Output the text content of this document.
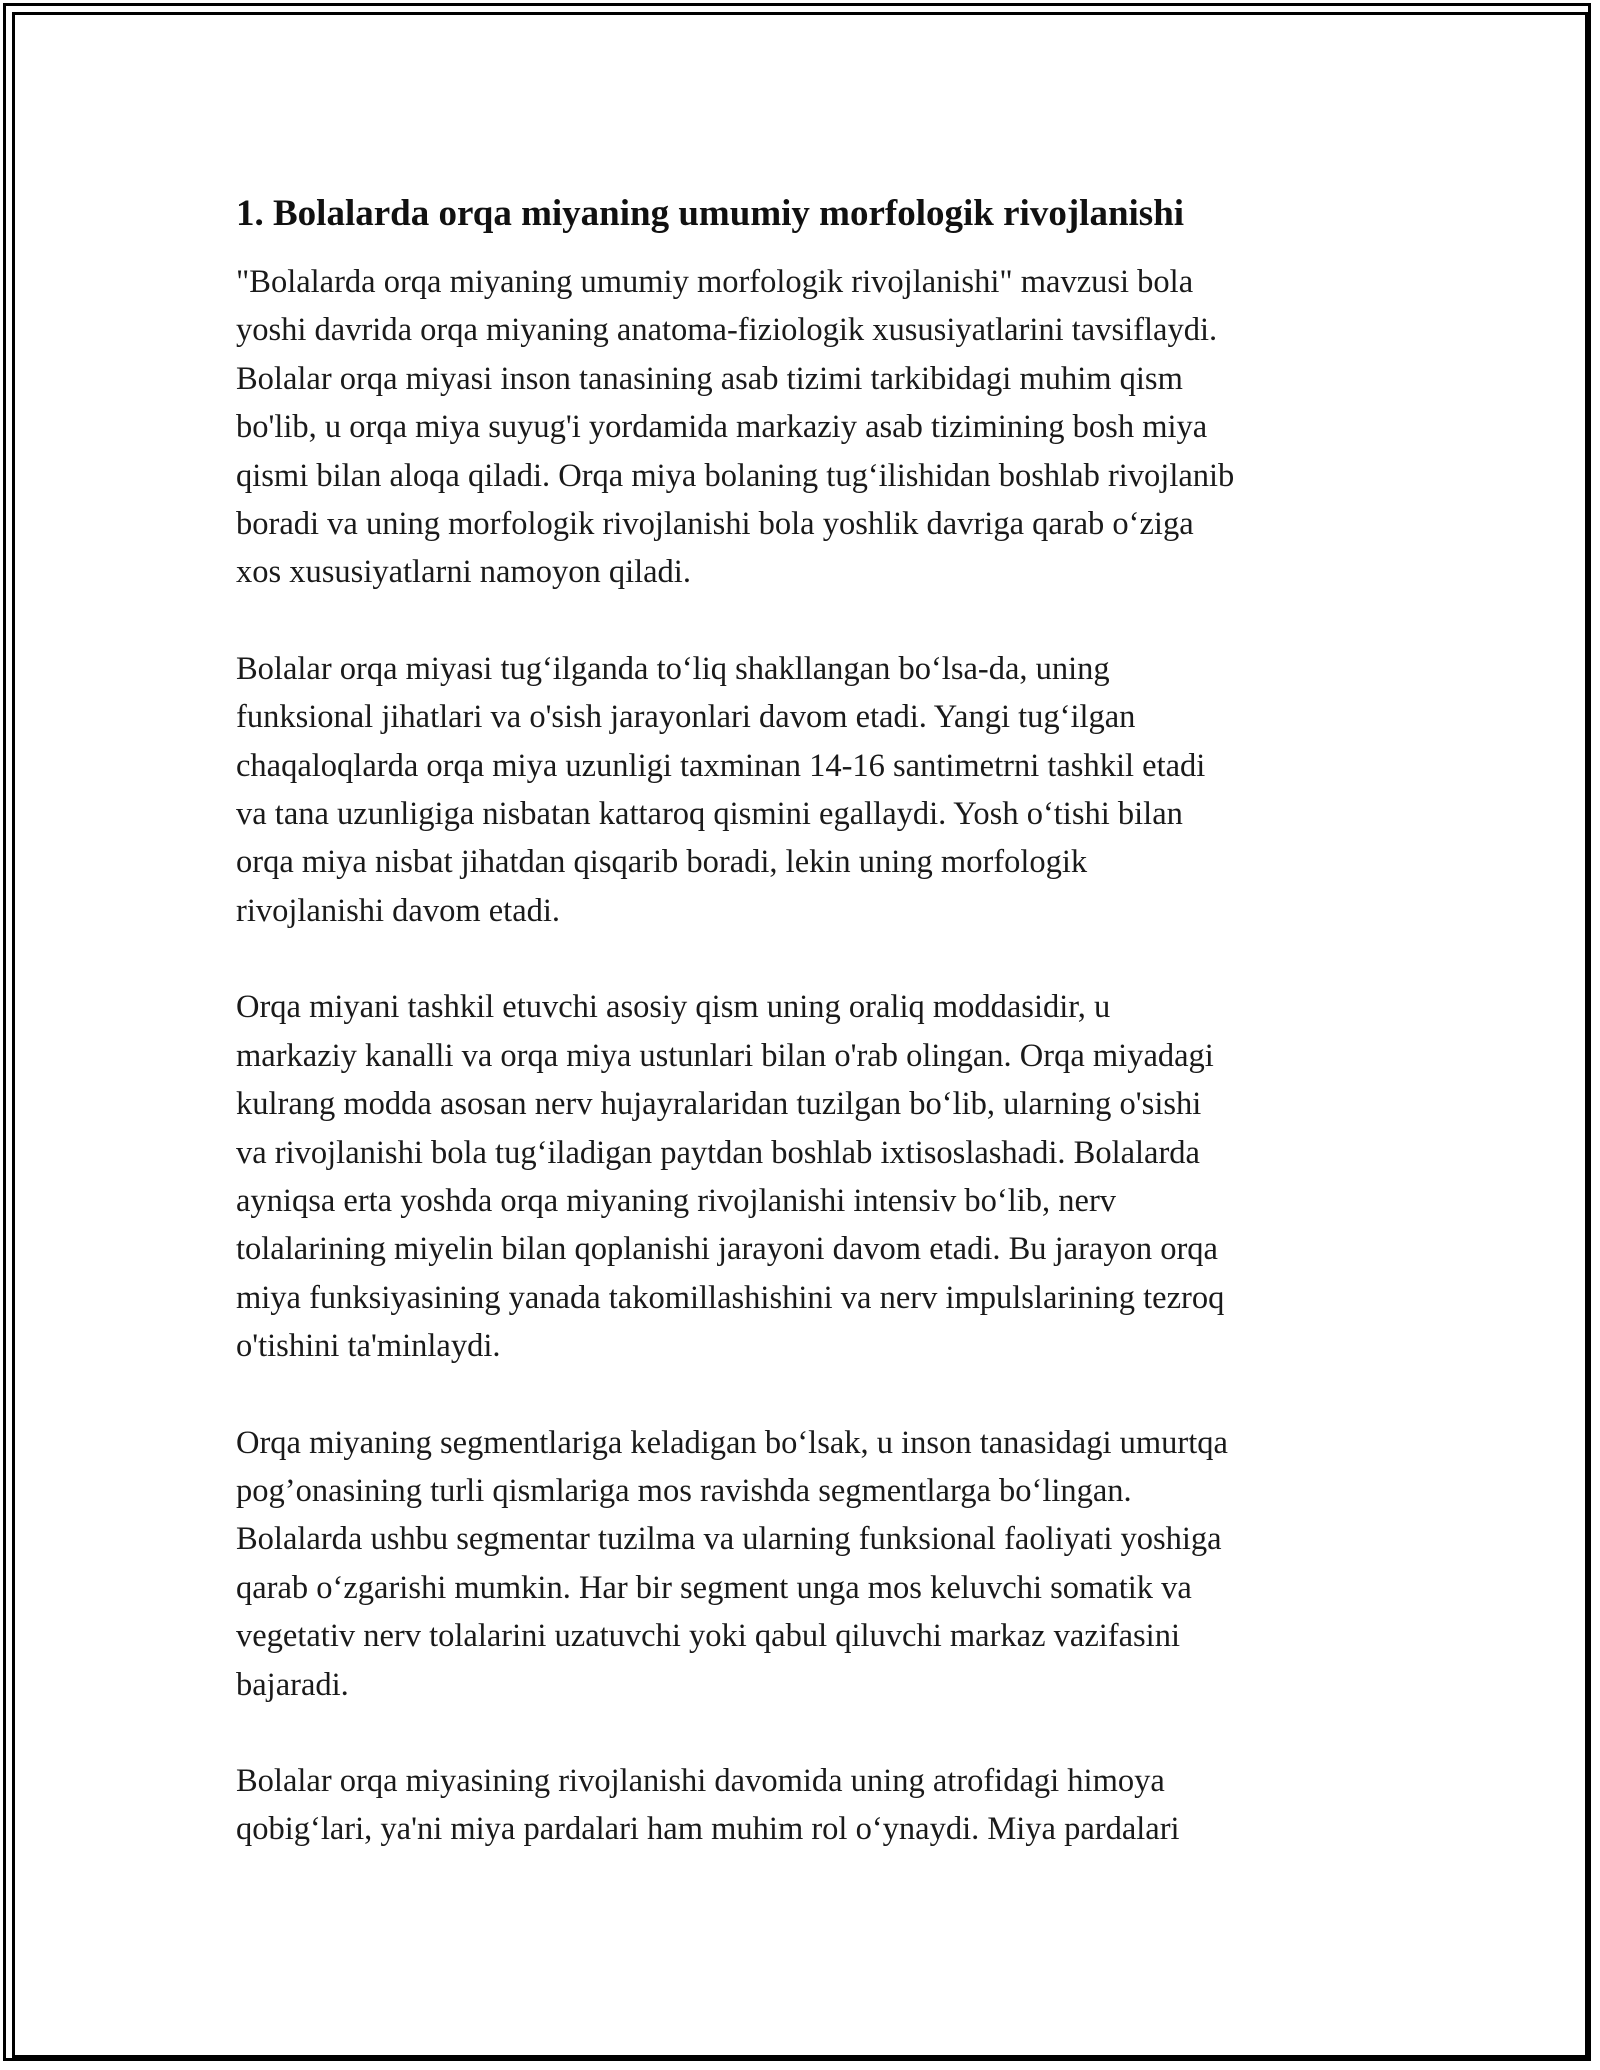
1. Bolalarda orqa miyaning umumiy morfologik rivojlanishi
"Bolalarda orqa miyaning umumiy morfologik rivojlanishi" mavzusi bola
yoshi davrida orqa miyaning anatoma-fiziologik xususiyatlarini tavsiflaydi.
Bolalar orqa miyasi inson tanasining asab tizimi tarkibidagi muhim qism
bo'lib, u orqa miya suyug'i yordamida markaziy asab tizimining bosh miya
qismi bilan aloqa qiladi. Orqa miya bolaning tug‘ilishidan boshlab rivojlanib
boradi va uning morfologik rivojlanishi bola yoshlik davriga qarab o‘ziga
xos xususiyatlarni namoyon qiladi.
Bolalar orqa miyasi tug‘ilganda to‘liq shakllangan bo‘lsa-da, uning
funksional jihatlari va o'sish jarayonlari davom etadi. Yangi tug‘ilgan
chaqaloqlarda orqa miya uzunligi taxminan 14-16 santimetrni tashkil etadi
va tana uzunligiga nisbatan kattaroq qismini egallaydi. Yosh o‘tishi bilan
orqa miya nisbat jihatdan qisqarib boradi, lekin uning morfologik
rivojlanishi davom etadi.
Orqa miyani tashkil etuvchi asosiy qism uning oraliq moddasidir, u
markaziy kanalli va orqa miya ustunlari bilan o'rab olingan. Orqa miyadagi
kulrang modda asosan nerv hujayralaridan tuzilgan bo‘lib, ularning o'sishi
va rivojlanishi bola tug‘iladigan paytdan boshlab ixtisoslashadi. Bolalarda
ayniqsa erta yoshda orqa miyaning rivojlanishi intensiv bo‘lib, nerv
tolalarining miyelin bilan qoplanishi jarayoni davom etadi. Bu jarayon orqa
miya funksiyasining yanada takomillashishini va nerv impulslarining tezroq
o'tishini ta'minlaydi.
Orqa miyaning segmentlariga keladigan bo‘lsak, u inson tanasidagi umurtqa
pog’onasining turli qismlariga mos ravishda segmentlarga bo‘lingan.
Bolalarda ushbu segmentar tuzilma va ularning funksional faoliyati yoshiga
qarab o‘zgarishi mumkin. Har bir segment unga mos keluvchi somatik va
vegetativ nerv tolalarini uzatuvchi yoki qabul qiluvchi markaz vazifasini
bajaradi.
Bolalar orqa miyasining rivojlanishi davomida uning atrofidagi himoya
qobig‘lari, ya'ni miya pardalari ham muhim rol o‘ynaydi. Miya pardalari
